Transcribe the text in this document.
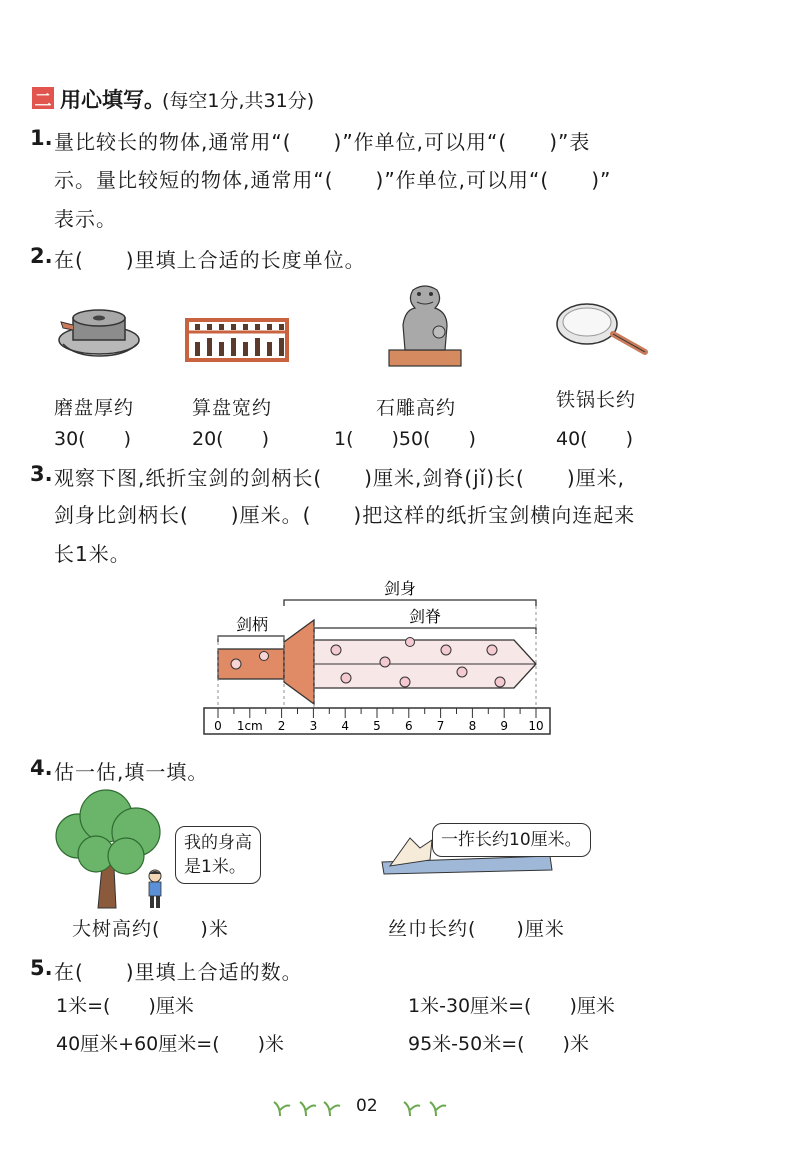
二 用心填写。
(每空1分,共31分)
1. 量比较长的物体,通常用“(　　)”作单位,可以用“(　　)”表
示。量比较短的物体,通常用“(　　)”作单位,可以用“(　　)”
表示。
2. 在(　　)里填上合适的长度单位。
磨盘厚约	算盘宽约	石雕高约	铁锅长约
30(　　)	20(　　)	1(　　)50(　　)	40(　　)
3. 观察下图,纸折宝剑的剑柄长(　　)厘米,剑脊(jǐ)长(　　)厘米,
剑身比剑柄长(　　)厘米。(　　)把这样的纸折宝剑横向连起来
长1米。
剑身
剑柄	剑脊
0 1cm 2 3 4 5 6 7 8 9 10
4. 估一估,填一填。
我的身高
是1米。
一拃长约10厘米。
大树高约(　　)米	丝巾长约(　　)厘米
5. 在(　　)里填上合适的数。
1米=(　　)厘米	1米-30厘米=(　　)厘米
40厘米+60厘米=(　　)米	95米-50米=(　　)米
02
